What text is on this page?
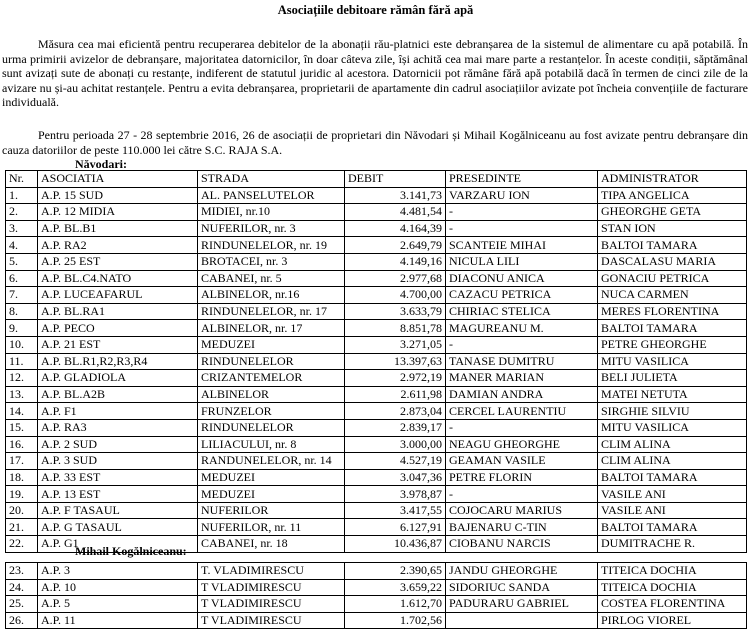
Asociațiile debitoare rămân fără apă

Măsura cea mai eficientă pentru recuperarea debitelor de la abonații rău-platnici este debranșarea de la sistemul de alimentare cu apă potabilă. În urma primirii avizelor de debranșare, majoritatea datornicilor, în doar câteva zile, își achită cea mai mare parte a restanțelor. În aceste condiții, săptămânal sunt avizați sute de abonați cu restanțe, indiferent de statutul juridic al acestora. Datornicii pot rămâne fără apă potabilă dacă în termen de cinci zile de la avizare nu și-au achitat restanțele. Pentru a evita debranșarea, proprietarii de apartamente din cadrul asociațiilor avizate pot încheia convențiile de facturare individuală.

Pentru perioada 27 - 28 septembrie 2016, 26 de asociații de proprietari din Năvodari și Mihail Kogălniceanu au fost avizate pentru debranșare din cauza datoriilor de peste 110.000 lei către S.C. RAJA S.A.

Năvodari:
Nr.	ASOCIATIA	STRADA	DEBIT	PRESEDINTE	ADMINISTRATOR
1.	A.P. 15 SUD	AL. PANSELUTELOR	3.141,73	VARZARU ION	TIPA ANGELICA
2.	A.P. 12 MIDIA	MIDIEI, nr.10	4.481,54	-	GHEORGHE GETA
3.	A.P. BL.B1	NUFERILOR, nr. 3	4.164,39	-	STAN ION
4.	A.P. RA2	RINDUNELELOR, nr. 19	2.649,79	SCANTEIE MIHAI	BALTOI TAMARA
5.	A.P. 25 EST	BROTACEI, nr. 3	4.149,16	NICULA LILI	DASCALASU MARIA
6.	A.P. BL.C4.NATO	CABANEI, nr. 5	2.977,68	DIACONU ANICA	GONACIU PETRICA
7.	A.P. LUCEAFARUL	ALBINELOR, nr.16	4.700,00	CAZACU PETRICA	NUCA CARMEN
8.	A.P. BL.RA1	RINDUNELELOR, nr. 17	3.633,79	CHIRIAC STELICA	MERES FLORENTINA
9.	A.P. PECO	ALBINELOR, nr. 17	8.851,78	MAGUREANU M.	BALTOI TAMARA
10.	A.P. 21 EST	MEDUZEI	3.271,05	-	PETRE GHEORGHE
11.	A.P. BL.R1,R2,R3,R4	RINDUNELELOR	13.397,63	TANASE DUMITRU	MITU VASILICA
12.	A.P. GLADIOLA	CRIZANTEMELOR	2.972,19	MANER MARIAN	BELI JULIETA
13.	A.P. BL.A2B	ALBINELOR	2.611,98	DAMIAN ANDRA	MATEI NETUTA
14.	A.P. F1	FRUNZELOR	2.873,04	CERCEL LAURENTIU	SIRGHIE SILVIU
15.	A.P. RA3	RINDUNELELOR	2.839,17	-	MITU VASILICA
16.	A.P. 2 SUD	LILIACULUI, nr. 8	3.000,00	NEAGU GHEORGHE	CLIM ALINA
17.	A.P. 3 SUD	RANDUNELELOR, nr. 14	4.527,19	GEAMAN VASILE	CLIM ALINA
18.	A.P. 33 EST	MEDUZEI	3.047,36	PETRE FLORIN	BALTOI TAMARA
19.	A.P. 13 EST	MEDUZEI	3.978,87	-	VASILE ANI
20.	A.P. F TASAUL	NUFERILOR	3.417,55	COJOCARU MARIUS	VASILE ANI
21.	A.P. G TASAUL	NUFERILOR, nr. 11	6.127,91	BAJENARU C-TIN	BALTOI TAMARA
22.	A.P. G1	CABANEI, nr. 18	10.436,87	CIOBANU NARCIS	DUMITRACHE R.
Mihail Kogălniceanu:
23.	A.P. 3	T. VLADIMIRESCU	2.390,65	JANDU GHEORGHE	TITEICA DOCHIA
24.	A.P. 10	T VLADIMIRESCU	3.659,22	SIDORIUC SANDA	TITEICA DOCHIA
25.	A.P. 5	T VLADIMIRESCU	1.612,70	PADURARU GABRIEL	COSTEA FLORENTINA
26.	A.P. 11	T VLADIMIRESCU	1.702,56		PIRLOG VIOREL
